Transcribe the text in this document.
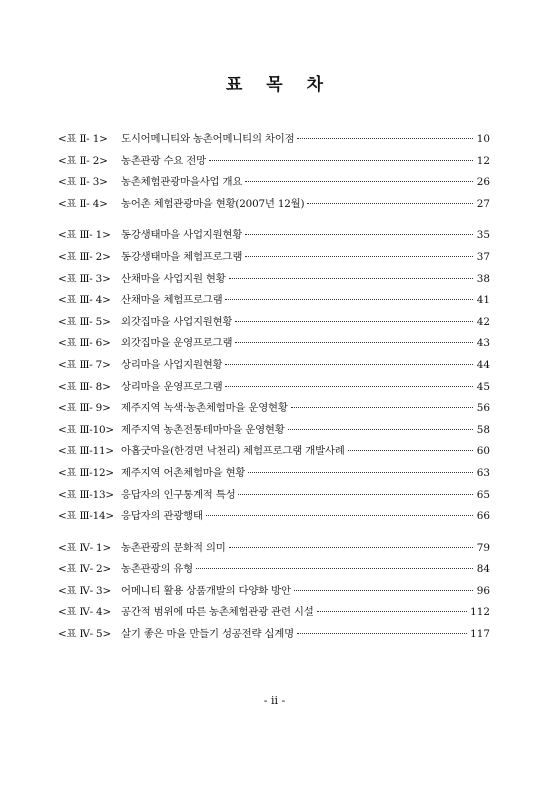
표 목 차
<표 Ⅱ- 1>	도시어메니티와 농촌어메니티의 차이점	10
<표 Ⅱ- 2>	농촌관광 수요 전망	12
<표 Ⅱ- 3>	농촌체험관광마을사업 개요	26
<표 Ⅱ- 4>	농어촌 체험관광마을 현황(2007년 12월)	27
<표 Ⅲ- 1> 동강생태마을 사업지원현황	35
<표 Ⅲ- 2> 동강생태마을 체험프로그램	37
<표 Ⅲ- 3> 산채마을 사업지원 현황	38
<표 Ⅲ- 4> 산채마을 체험프로그램	41
<표 Ⅲ- 5> 외갓집마을 사업지원현황	42
<표 Ⅲ- 6> 외갓집마을 운영프로그램	43
<표 Ⅲ- 7> 상리마을 사업지원현황	44
<표 Ⅲ- 8> 상리마을 운영프로그램	45
<표 Ⅲ- 9> 제주지역 녹색·농촌체험마을 운영현황	56
<표 Ⅲ-10> 제주지역 농촌전통테마마을 운영현황	58
<표 Ⅲ-11> 아홉굿마을(한경면 낙천리) 체험프로그램 개발사례	60
<표 Ⅲ-12> 제주지역 어촌체험마을 현황	63
<표 Ⅲ-13> 응답자의 인구통계적 특성	65
<표 Ⅲ-14> 응답자의 관광행태	66
<표 Ⅳ- 1> 농촌관광의 문화적 의미	79
<표 Ⅳ- 2> 농촌관광의 유형	84
<표 Ⅳ- 3> 어메니티 활용 상품개발의 다양화 방안	96
<표 Ⅳ- 4> 공간적 범위에 따른 농촌체험관광 관련 시설	112
<표 Ⅳ- 5> 살기 좋은 마을 만들기 성공전략 십계명	117
- ii -
